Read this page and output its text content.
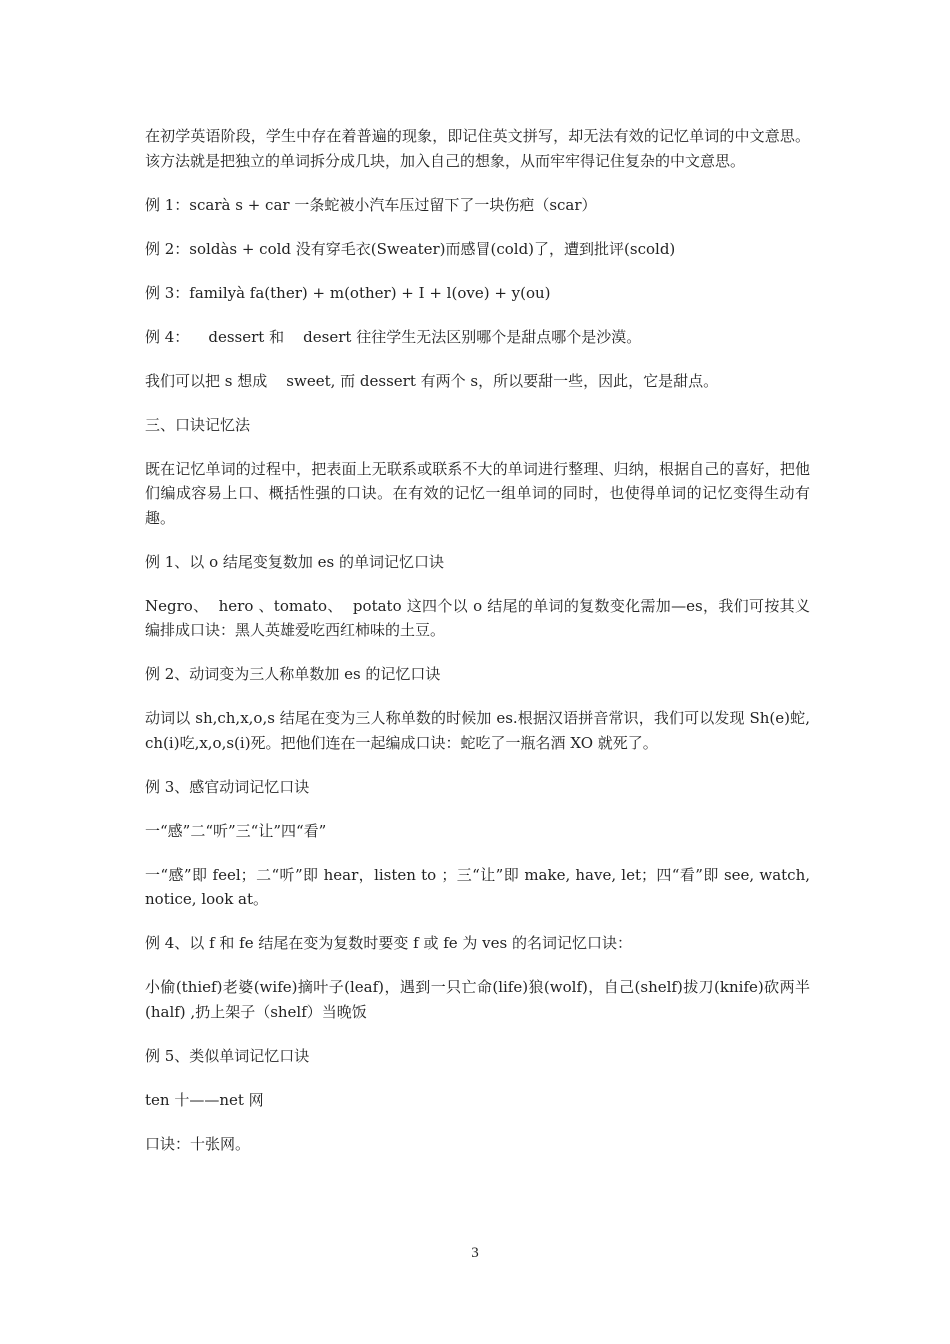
在初学英语阶段，学生中存在着普遍的现象，即记住英文拼写，却无法有效的记忆单词的中文意思。该方法就是把独立的单词拆分成几块，加入自己的想象，从而牢牢得记住复杂的中文意思。

例 1：scarà s + car 一条蛇被小汽车压过留下了一块伤疤（scar）

例 2：soldàs + cold 没有穿毛衣(Sweater)而感冒(cold)了，遭到批评(scold)

例 3：familyà fa(ther) + m(other) + I + l(ove) + y(ou)

例 4：    dessert 和    desert 往往学生无法区别哪个是甜点哪个是沙漠。

我们可以把 s 想成    sweet, 而 dessert 有两个 s，所以要甜一些，因此，它是甜点。

三、口诀记忆法

既在记忆单词的过程中，把表面上无联系或联系不大的单词进行整理、归纳，根据自己的喜好，把他们编成容易上口、概括性强的口诀。在有效的记忆一组单词的同时，也使得单词的记忆变得生动有趣。

例 1、以 o 结尾变复数加 es 的单词记忆口诀

Negro、  hero 、tomato、  potato 这四个以 o 结尾的单词的复数变化需加—es，我们可按其义编排成口诀：黑人英雄爱吃西红柿味的土豆。

例 2、动词变为三人称单数加 es 的记忆口诀

动词以 sh,ch,x,o,s 结尾在变为三人称单数的时候加 es.根据汉语拼音常识，我们可以发现 Sh(e)蛇,ch(i)吃,x,o,s(i)死。把他们连在一起编成口诀：蛇吃了一瓶名酒 XO 就死了。

例 3、感官动词记忆口诀

一“感”二“听”三“让”四“看”

一“感”即 feel；二“听”即 hear，listen to ；三“让”即 make, have, let；四“看”即 see, watch, notice, look at。

例 4、以 f 和 fe 结尾在变为复数时要变 f 或 fe 为 ves 的名词记忆口诀：

小偷(thief)老婆(wife)摘叶子(leaf)，遇到一只亡命(life)狼(wolf)，自己(shelf)拔刀(knife)砍两半(half) ,扔上架子（shelf）当晚饭

例 5、类似单词记忆口诀

ten 十——net 网

口诀：十张网。

3
